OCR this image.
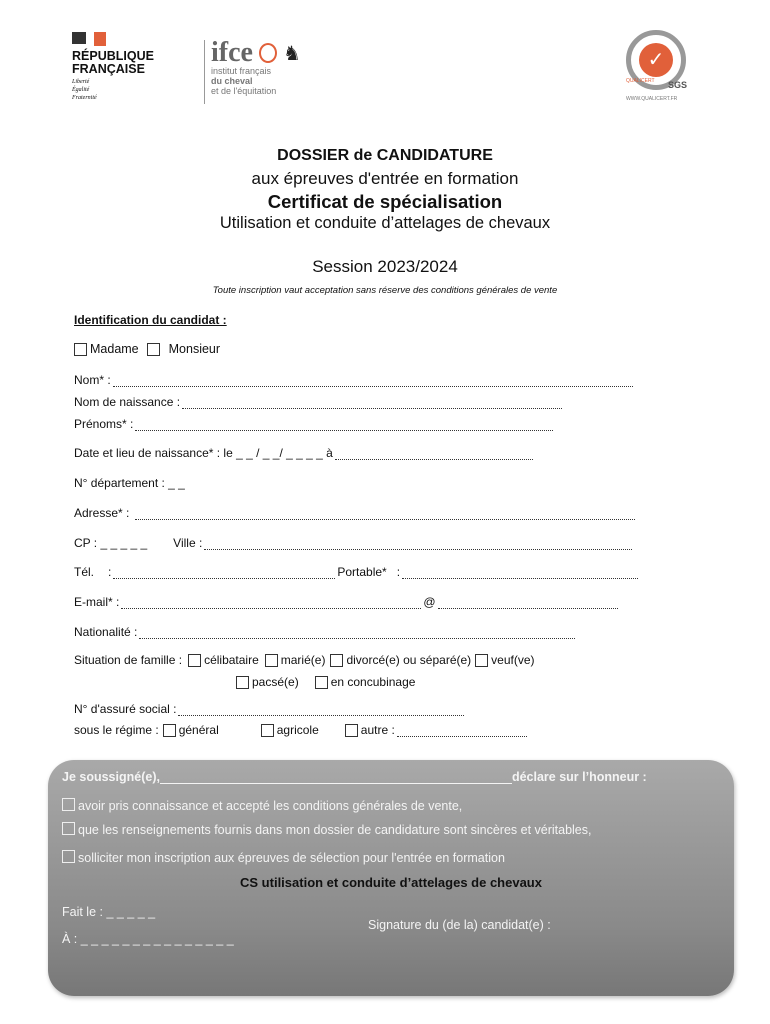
RÉPUBLIQUE
FRANÇAISE
Liberté
Égalité
Fraternité
ifce ♞
institut français
du cheval
et de l'équitation
✓
SGS
QUALICERT
WWW.QUALICERT.FR
DOSSIER de CANDIDATURE
aux épreuves d'entrée en formation
Certificat de spécialisation
Utilisation et conduite d’attelages de chevaux
Session 2023/2024
Toute inscription vaut acceptation sans réserve des conditions générales de vente
Identification du candidat :
Madame Monsieur
Nom* :
Nom de naissance :
Prénoms* :
Date et lieu de naissance* : le _ _ / _ _/ _ _ _ _ à
N° département : _ _
Adresse* :
CP : _ _ _ _ _ Ville :
Tél. :	Portable* :
E-mail* :	@
Nationalité :
Situation de famille : célibataire marié(e) divorcé(e) ou séparé(e) veuf(ve)
pacsé(e)	en concubinage
N° d'assuré social :
sous le régime : général	agricole	autre :
Je soussigné(e),	déclare sur l’honneur :
avoir pris connaissance et accepté les conditions générales de vente,
que les renseignements fournis dans mon dossier de candidature sont sincères et véritables,
solliciter mon inscription aux épreuves de sélection pour l'entrée en formation
CS utilisation et conduite d’attelages de chevaux
Fait le : _ _ _ _ _
Signature du (de la) candidat(e) :
À : _ _ _ _ _ _ _ _ _ _ _ _ _ _ _
